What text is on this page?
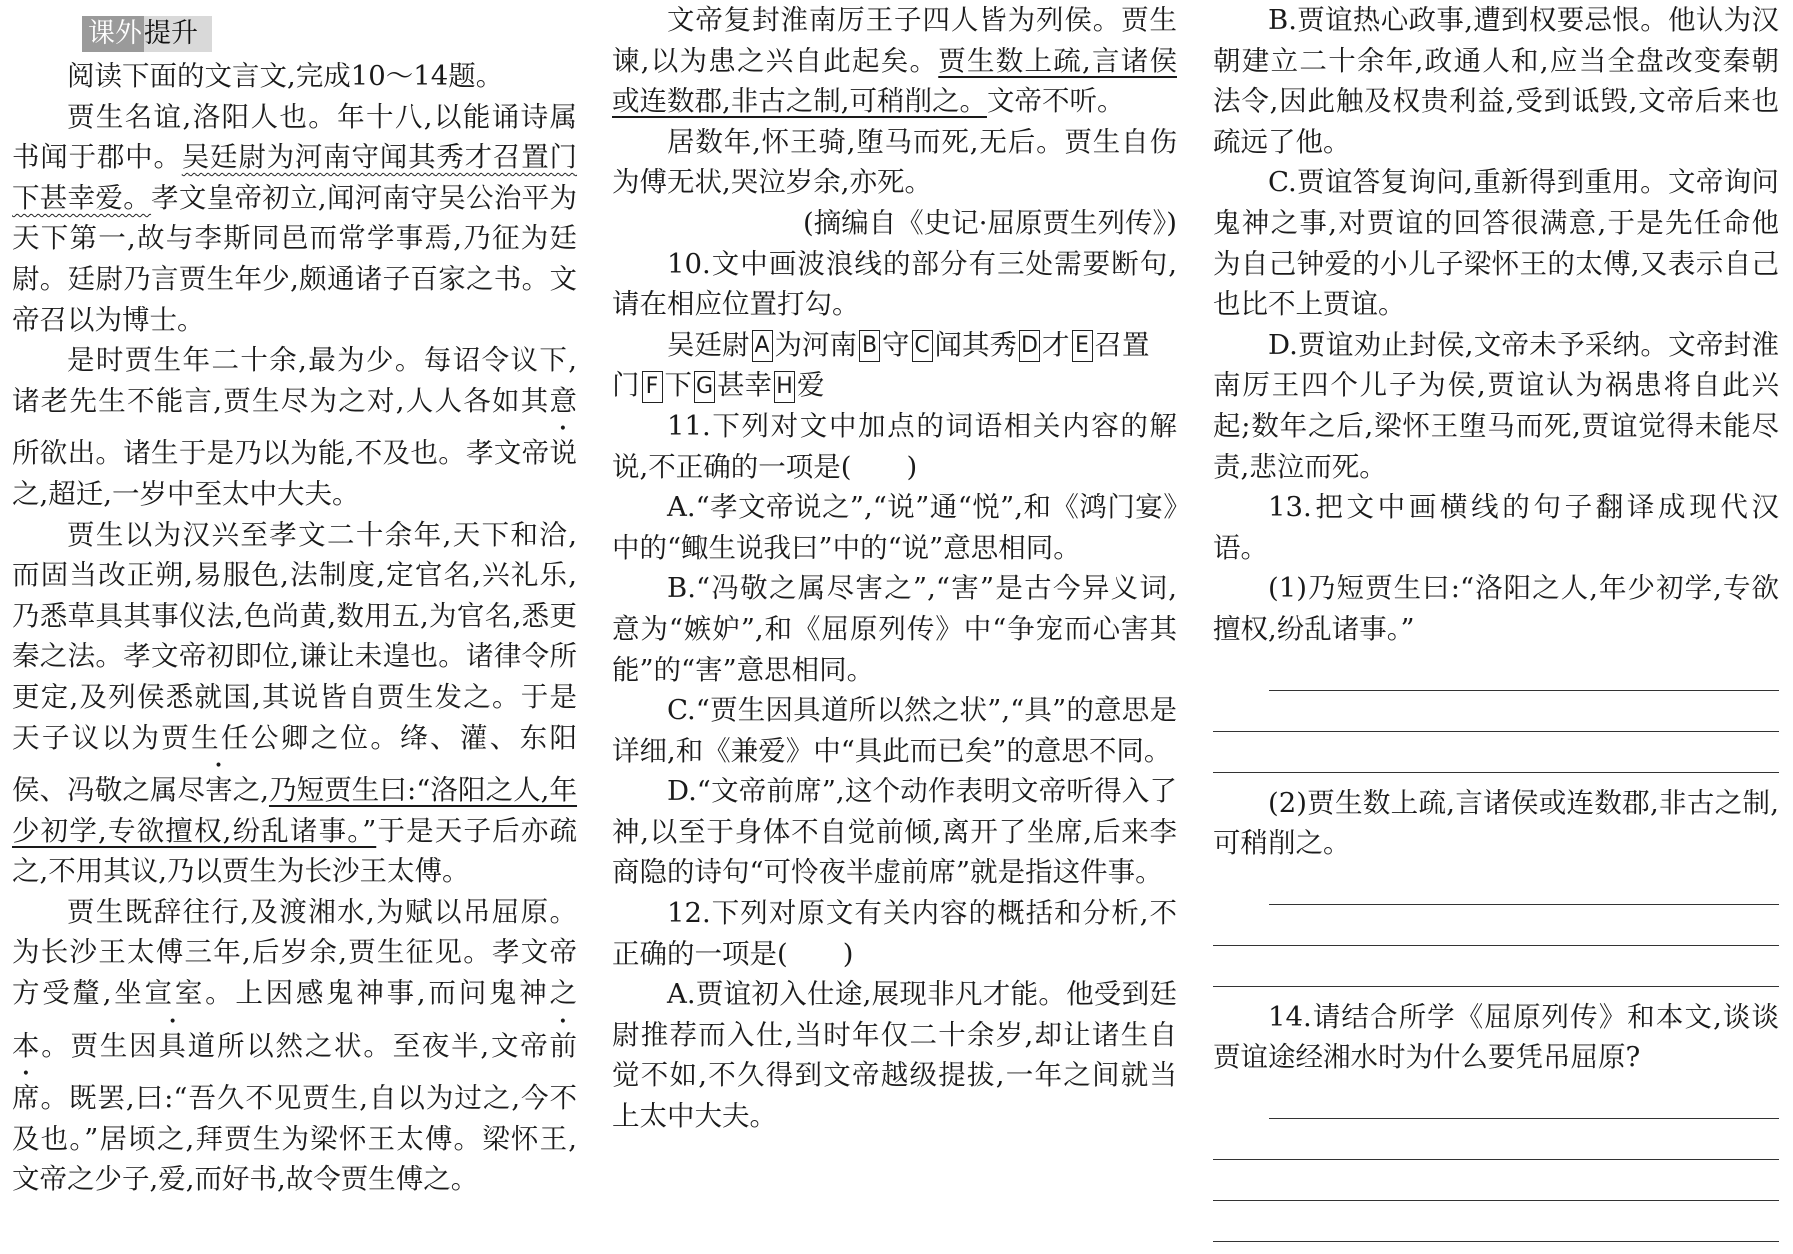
课外提升

阅读下面的文言文,完成10～14题。

贾生名谊,洛阳人也。年十八,以能诵诗属书闻于郡中。吴廷尉为河南守闻其秀才召置门下甚幸爱。孝文皇帝初立,闻河南守吴公治平为天下第一,故与李斯同邑而常学事焉,乃征为廷尉。廷尉乃言贾生年少,颇通诸子百家之书。文帝召以为博士。

是时贾生年二十余,最为少。每诏令议下,诸老先生不能言,贾生尽为之对,人人各如其意所欲出。诸生于是乃以为能,不及也。孝文帝说之,超迁,一岁中至太中大夫。

贾生以为汉兴至孝文二十余年,天下和洽,而固当改正朔,易服色,法制度,定官名,兴礼乐,乃悉草具其事仪法,色尚黄,数用五,为官名,悉更秦之法。孝文帝初即位,谦让未遑也。诸律令所更定,及列侯悉就国,其说皆自贾生发之。于是天子议以为贾生任公卿之位。绛、灌、东阳侯、冯敬之属尽害之,乃短贾生曰:“洛阳之人,年少初学,专欲擅权,纷乱诸事。”于是天子后亦疏之,不用其议,乃以贾生为长沙王太傅。

贾生既辞往行,及渡湘水,为赋以吊屈原。为长沙王太傅三年,后岁余,贾生征见。孝文帝方受釐,坐宣室。上因感鬼神事,而问鬼神之本。贾生因具道所以然之状。至夜半,文帝前席。既罢,曰:“吾久不见贾生,自以为过之,今不及也。”居顷之,拜贾生为梁怀王太傅。梁怀王,文帝之少子,爱,而好书,故令贾生傅之。

文帝复封淮南厉王子四人皆为列侯。贾生谏,以为患之兴自此起矣。贾生数上疏,言诸侯或连数郡,非古之制,可稍削之。文帝不听。

居数年,怀王骑,堕马而死,无后。贾生自伤为傅无状,哭泣岁余,亦死。

(摘编自《史记·屈原贾生列传》)

10.文中画波浪线的部分有三处需要断句,请在相应位置打勾。

吴廷尉 A 为河南 B 守 C 闻其秀 D 才 E 召置

门 F 下 G 甚幸 H 爱

11.下列对文中加点的词语相关内容的解说,不正确的一项是(　　)

A.“孝文帝说之”,“说”通“悦”,和《鸿门宴》中的“鲰生说我曰”中的“说”意思相同。

B.“冯敬之属尽害之”,“害”是古今异义词,意为“嫉妒”,和《屈原列传》中“争宠而心害其能”的“害”意思相同。

C.“贾生因具道所以然之状”,“具”的意思是详细,和《兼爱》中“具此而已矣”的意思不同。

D.“文帝前席”,这个动作表明文帝听得入了神,以至于身体不自觉前倾,离开了坐席,后来李商隐的诗句“可怜夜半虚前席”就是指这件事。

12.下列对原文有关内容的概括和分析,不正确的一项是(　　)

A.贾谊初入仕途,展现非凡才能。他受到廷尉推荐而入仕,当时年仅二十余岁,却让诸生自觉不如,不久得到文帝越级提拔,一年之间就当上太中大夫。

B.贾谊热心政事,遭到权要忌恨。他认为汉朝建立二十余年,政通人和,应当全盘改变秦朝法令,因此触及权贵利益,受到诋毁,文帝后来也疏远了他。

C.贾谊答复询问,重新得到重用。文帝询问鬼神之事,对贾谊的回答很满意,于是先任命他为自己钟爱的小儿子梁怀王的太傅,又表示自己也比不上贾谊。

D.贾谊劝止封侯,文帝未予采纳。文帝封淮南厉王四个儿子为侯,贾谊认为祸患将自此兴起;数年之后,梁怀王堕马而死,贾谊觉得未能尽责,悲泣而死。

13.把文中画横线的句子翻译成现代汉语。

(1)乃短贾生曰:“洛阳之人,年少初学,专欲擅权,纷乱诸事。”

(2)贾生数上疏,言诸侯或连数郡,非古之制,可稍削之。

14.请结合所学《屈原列传》和本文,谈谈贾谊途经湘水时为什么要凭吊屈原?
